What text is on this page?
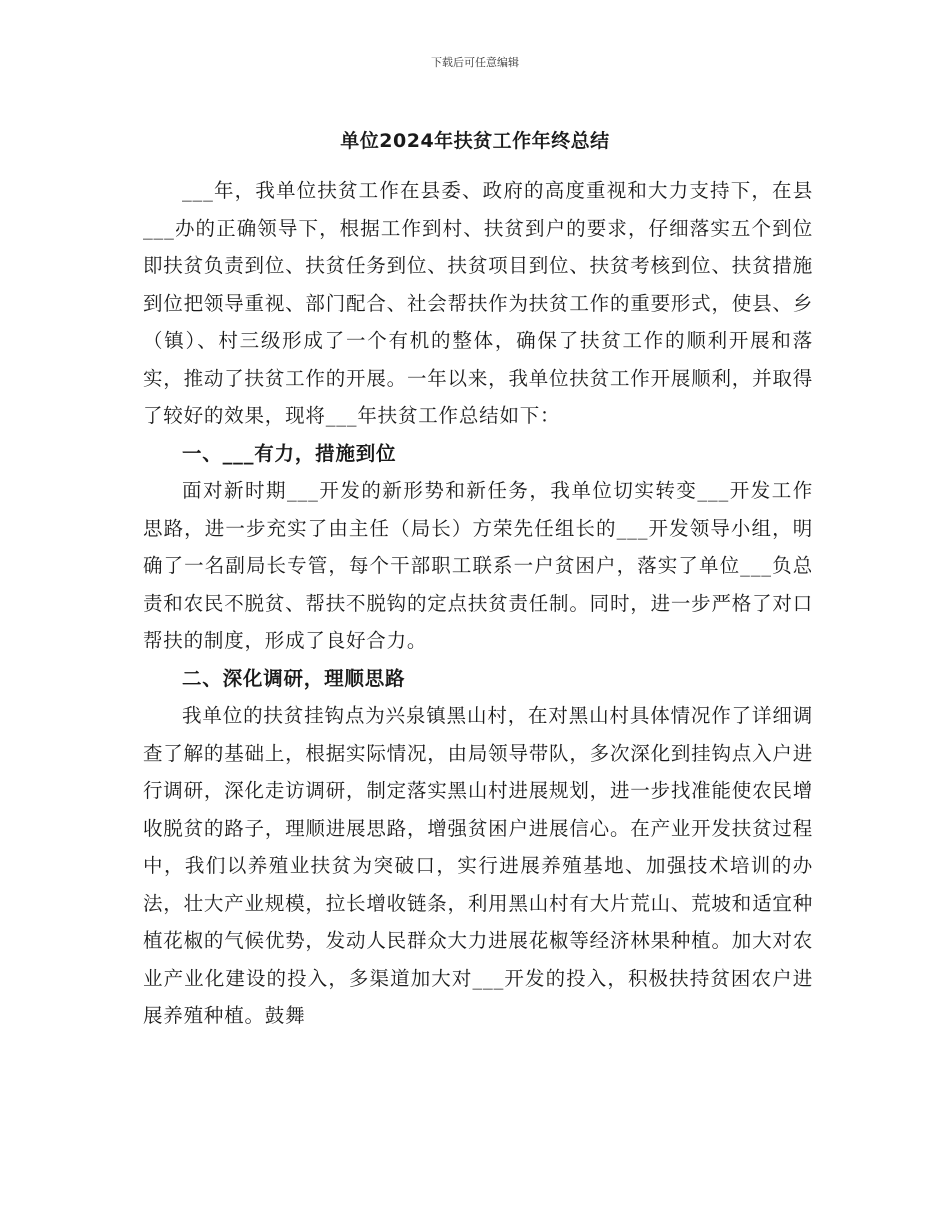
下载后可任意编辑
单位2024年扶贫工作年终总结

___年，我单位扶贫工作在县委、政府的高度重视和大力支持下，在县___办的正确领导下，根据工作到村、扶贫到户的要求，仔细落实五个到位即扶贫负责到位、扶贫任务到位、扶贫项目到位、扶贫考核到位、扶贫措施到位把领导重视、部门配合、社会帮扶作为扶贫工作的重要形式，使县、乡（镇）、村三级形成了一个有机的整体，确保了扶贫工作的顺利开展和落实，推动了扶贫工作的开展。一年以来，我单位扶贫工作开展顺利，并取得了较好的效果，现将___年扶贫工作总结如下：

一、___有力，措施到位

面对新时期___开发的新形势和新任务，我单位切实转变___开发工作思路，进一步充实了由主任（局长）方荣先任组长的___开发领导小组，明确了一名副局长专管，每个干部职工联系一户贫困户，落实了单位___负总责和农民不脱贫、帮扶不脱钩的定点扶贫责任制。同时，进一步严格了对口帮扶的制度，形成了良好合力。

二、深化调研，理顺思路

我单位的扶贫挂钩点为兴泉镇黑山村，在对黑山村具体情况作了详细调查了解的基础上，根据实际情况，由局领导带队，多次深化到挂钩点入户进行调研，深化走访调研，制定落实黑山村进展规划，进一步找准能使农民增收脱贫的路子，理顺进展思路，增强贫困户进展信心。在产业开发扶贫过程中，我们以养殖业扶贫为突破口，实行进展养殖基地、加强技术培训的办法，壮大产业规模，拉长增收链条，利用黑山村有大片荒山、荒坡和适宜种植花椒的气候优势，发动人民群众大力进展花椒等经济林果种植。加大对农业产业化建设的投入，多渠道加大对___开发的投入，积极扶持贫困农户进展养殖种植。鼓舞
